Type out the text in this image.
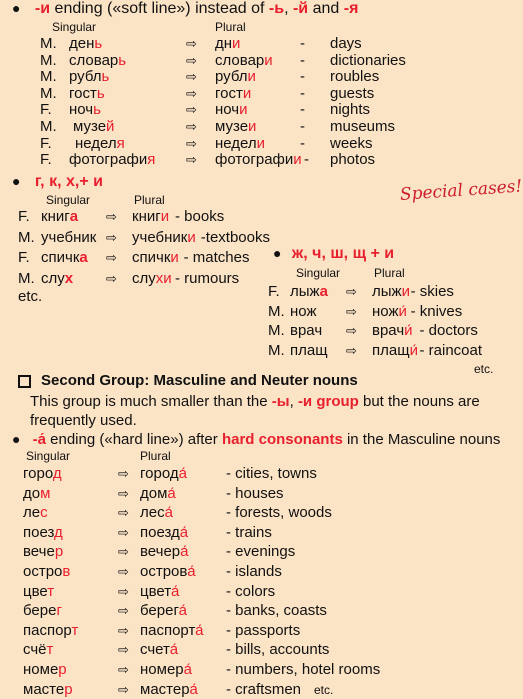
● -и ending («soft line») instead of -ь, -й and -я
Singular	Plural
M. день	⇨ дни	- days
M. словарь	⇨ словари - dictionaries
M. рубль	⇨ рубли	- roubles
M. гость	⇨ гости	- guests
F. ночь	⇨ ночи	- nights
M. музей	⇨ музеи	- museums
F. неделя	⇨ недели - weeks
F. фотография ⇨ фотографии - photos
● г, к, х,+ и	Special cases!
Singular	Plural
F. книга ⇨ книги - books
M. учебник ⇨ учебники -textbooks
F. спичка ⇨ спички - matches
M. слух	⇨ слухи - rumours
etc.
● ж, ч, ш, щ + и
Singular	Plural
F. лыжа ⇨ лыжи - skies
M. нож ⇨ ножи́ - knives
M. врач ⇨ врачи́ - doctors
M. плащ ⇨ плащи́ - raincoat
etc.
Second Group: Masculine and Neuter nouns
This group is much smaller than the -ы, -и group but the nouns are
frequently used.
● -а́ ending («hard line») after hard consonants in the Masculine nouns
Singular	Plural
город	⇨ города́	- cities, towns
дом	⇨ дома́	- houses
лес	⇨ леса́	- forests, woods
поезд	⇨ поезда́	- trains
вечер	⇨ вечера́	- evenings
остров	⇨ острова́ - islands
цвет	⇨ цвета́	- colors
берег	⇨ берега́	- banks, coasts
паспорт	⇨ паспорта́ - passports
счёт	⇨ счета́	- bills, accounts
номер	⇨ номера́ - numbers, hotel rooms
мастер	⇨ мастера́ - craftsmen etc.
